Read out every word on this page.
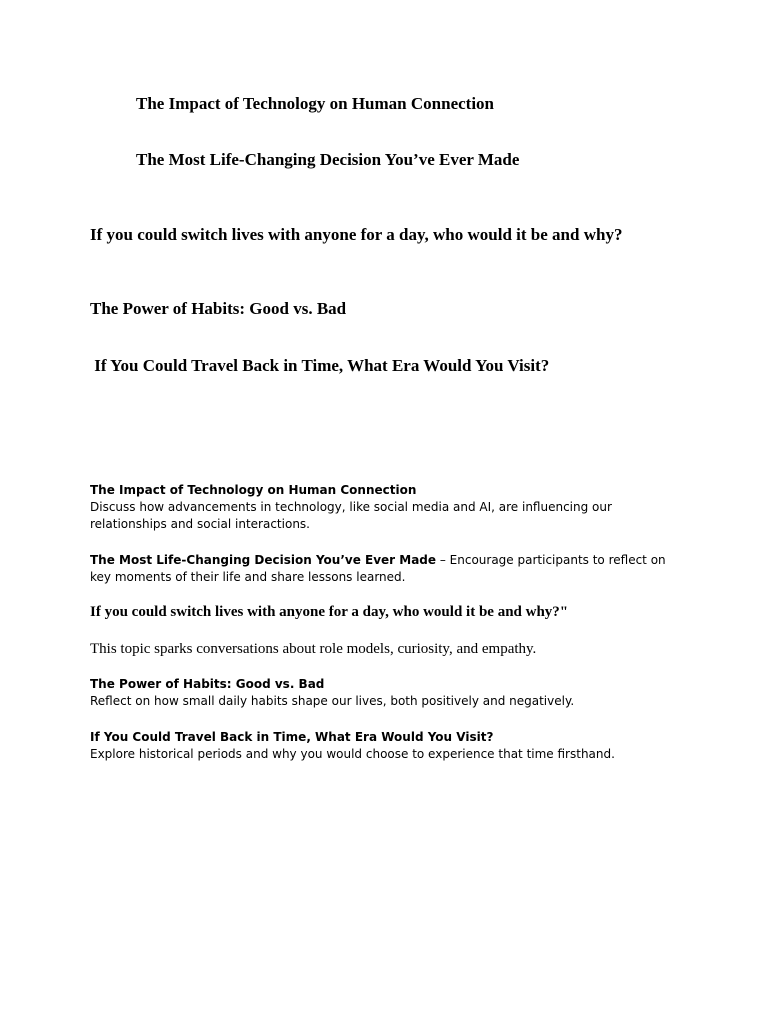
The Impact of Technology on Human Connection
The Most Life-Changing Decision You’ve Ever Made
If you could switch lives with anyone for a day, who would it be and why?
The Power of Habits: Good vs. Bad
If You Could Travel Back in Time, What Era Would You Visit?
The Impact of Technology on Human Connection
Discuss how advancements in technology, like social media and AI, are influencing our relationships and social interactions.
The Most Life-Changing Decision You’ve Ever Made – Encourage participants to reflect on key moments of their life and share lessons learned.

If you could switch lives with anyone for a day, who would it be and why?"

This topic sparks conversations about role models, curiosity, and empathy.

The Power of Habits: Good vs. Bad
Reflect on how small daily habits shape our lives, both positively and negatively.
If You Could Travel Back in Time, What Era Would You Visit?
Explore historical periods and why you would choose to experience that time firsthand.
